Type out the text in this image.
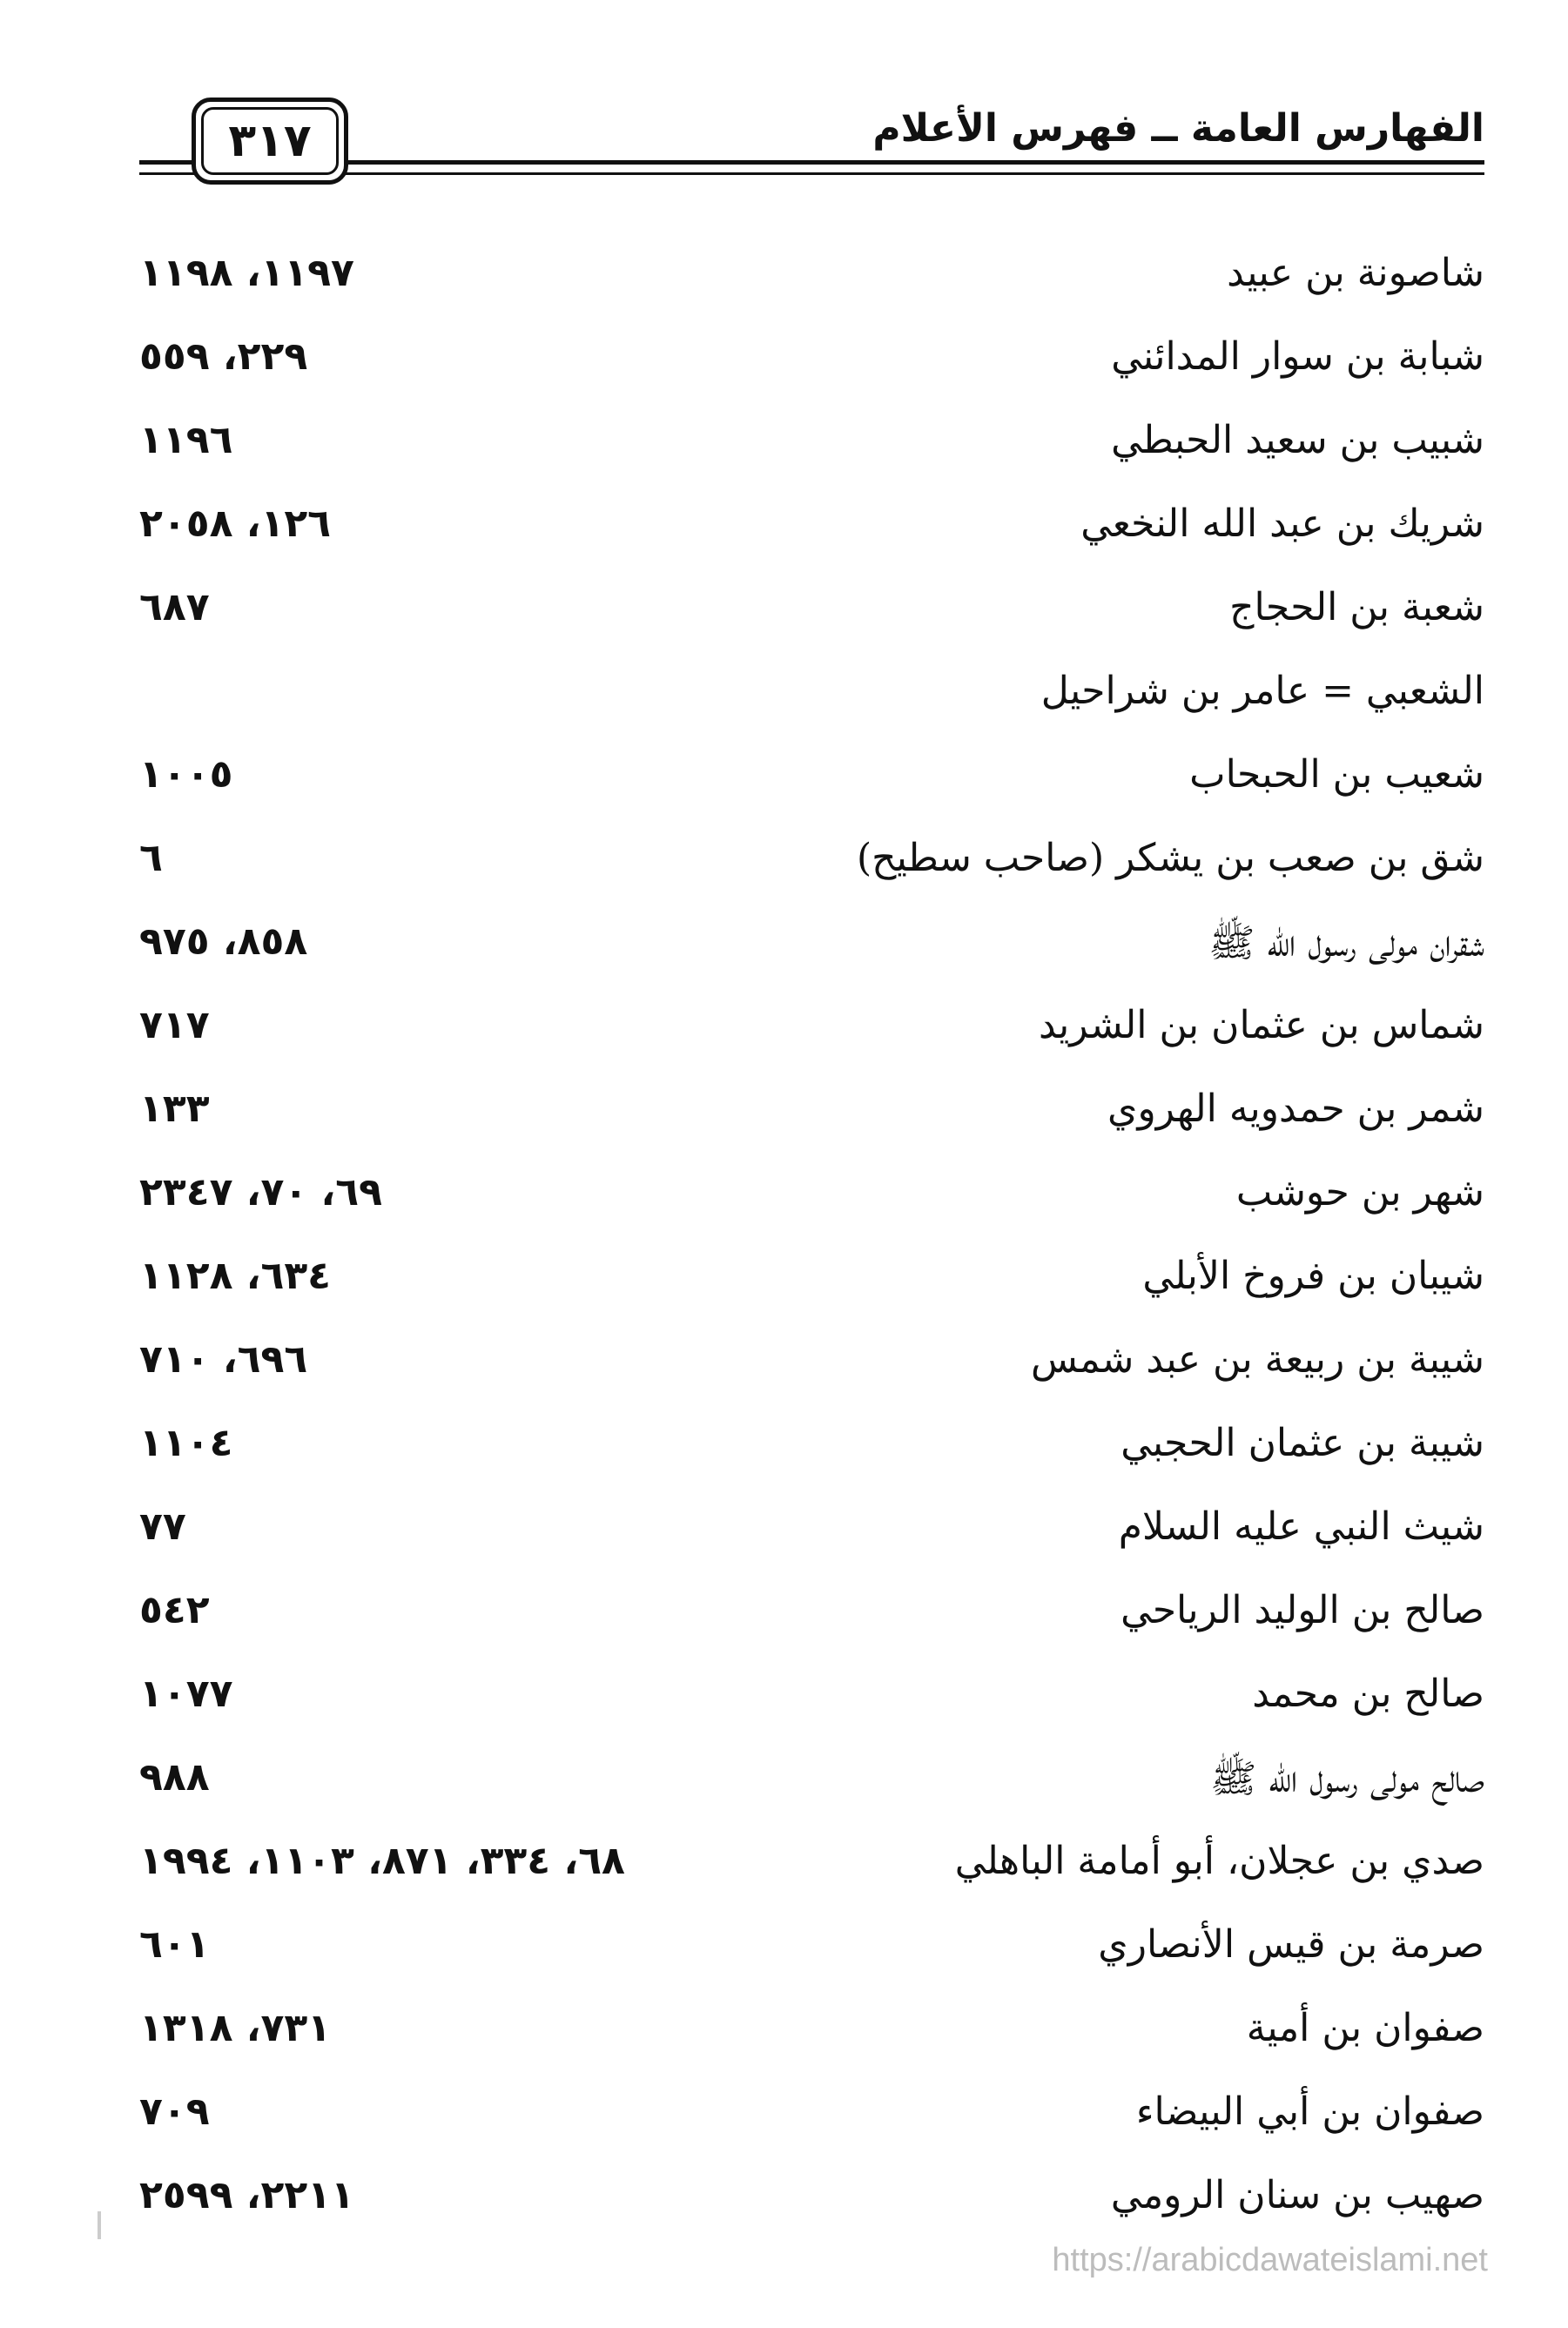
الفهارس العامة ــ فهرس الأعلام
٣١٧
شاصونة بن عبيد
١١٩٧، ١١٩٨
شبابة بن سوار المدائني
٢٢٩، ٥٥٩
شبيب بن سعيد الحبطي
١١٩٦
شريك بن عبد الله النخعي
١٢٦، ٢٠٥٨
شعبة بن الحجاج
٦٨٧
الشعبي = عامر بن شراحيل
شعيب بن الحبحاب
١٠٠٥
شق بن صعب بن يشكر (صاحب سطيح)
٦
شقران مولى رسول الله ﷺ
٨٥٨، ٩٧٥
شماس بن عثمان بن الشريد
٧١٧
شمر بن حمدويه الهروي
١٣٣
شهر بن حوشب
٦٩، ٧٠، ٢٣٤٧
شيبان بن فروخ الأبلي
٦٣٤، ١١٢٨
شيبة بن ربيعة بن عبد شمس
٦٩٦، ٧١٠
شيبة بن عثمان الحجبي
١١٠٤
شيث النبي عليه السلام
٧٧
صالح بن الوليد الرياحي
٥٤٢
صالح بن محمد
١٠٧٧
صالح مولى رسول الله ﷺ
٩٨٨
صدي بن عجلان، أبو أمامة الباهلي
٦٨، ٣٣٤، ٨٧١، ١١٠٣، ١٩٩٤
صرمة بن قيس الأنصاري
٦٠١
صفوان بن أمية
٧٣١، ١٣١٨
صفوان بن أبي البيضاء
٧٠٩
صهيب بن سنان الرومي
٢٢١١، ٢٥٩٩
https://arabicdawateislami.net
